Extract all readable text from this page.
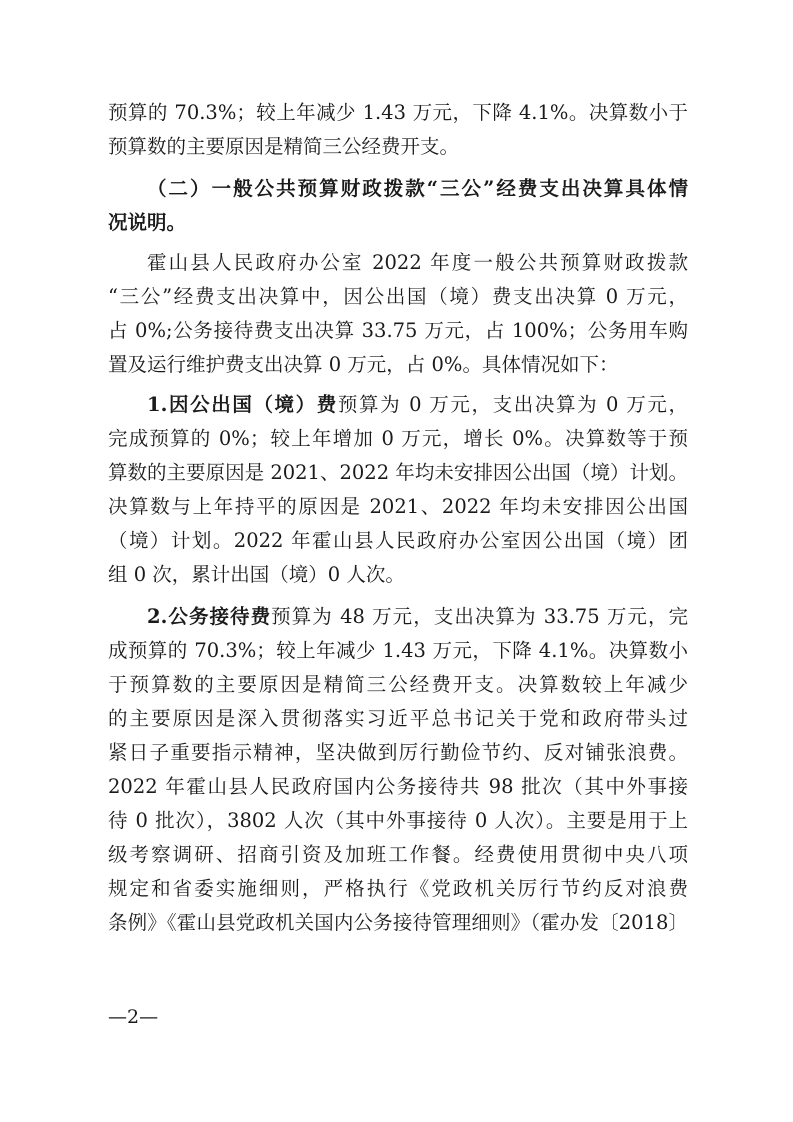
预算的 70.3%；较上年减少 1.43 万元，下降 4.1%。决算数小于
预算数的主要原因是精简三公经费开支。
（二）一般公共预算财政拨款“三公”经费支出决算具体情
况说明。
霍山县人民政府办公室 2022 年度一般公共预算财政拨款
“三公”经费支出决算中，因公出国（境）费支出决算 0 万元，
占 0%;公务接待费支出决算 33.75 万元，占 100%；公务用车购
置及运行维护费支出决算 0 万元，占 0%。具体情况如下：
1.因公出国（境）费预算为 0 万元，支出决算为 0 万元，
完成预算的 0%；较上年增加 0 万元，增长 0%。决算数等于预
算数的主要原因是 2021、2022 年均未安排因公出国（境）计划。
决算数与上年持平的原因是 2021、2022 年均未安排因公出国
（境）计划。2022 年霍山县人民政府办公室因公出国（境）团
组 0 次，累计出国（境）0 人次。
2.公务接待费预算为 48 万元，支出决算为 33.75 万元，完
成预算的 70.3%；较上年减少 1.43 万元，下降 4.1%。决算数小
于预算数的主要原因是精简三公经费开支。决算数较上年减少
的主要原因是深入贯彻落实习近平总书记关于党和政府带头过
紧日子重要指示精神，坚决做到厉行勤俭节约、反对铺张浪费。
2022 年霍山县人民政府国内公务接待共 98 批次（其中外事接
待 0 批次），3802 人次（其中外事接待 0 人次）。主要是用于上
级考察调研、招商引资及加班工作餐。经费使用贯彻中央八项
规定和省委实施细则，严格执行《党政机关厉行节约反对浪费
条例》《霍山县党政机关国内公务接待管理细则》（霍办发〔2018〕
—2—
